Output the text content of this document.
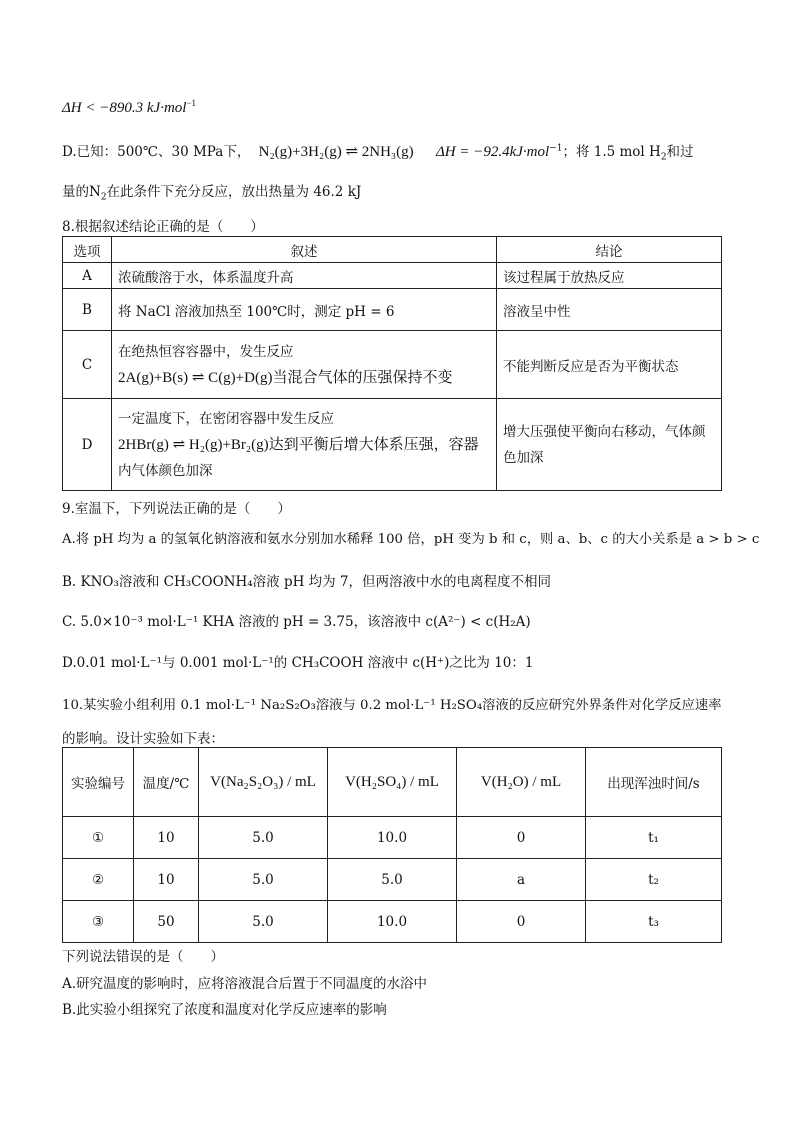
ΔH < −890.3 kJ·mol$^{-1}$
D.已知：500℃、30 MPa下， N₂(g)+3H₂(g) ⇌ 2NH₃(g) ΔH = −92.4kJ·mol$^{-1}$；将 1.5 mol $H_2$和过
量的$N_2$在此条件下充分反应，放出热量为 46.2 kJ
8.根据叙述结论正确的是（　　）
选项	叙述	结论
A	浓硫酸溶于水，体系温度升高	该过程属于放热反应
B	将 NaCl 溶液加热至 100℃时，测定 pH = 6	溶液呈中性
C	在绝热恒容容器中，发生反应
2A(g)+B(s) ⇌ C(g)+D(g)当混合气体的压强保持不变	不能判断反应是否为平衡状态
D	一定温度下，在密闭容器中发生反应
2HBr(g) ⇌ H₂(g)+Br₂(g)达到平衡后增大体系压强，容器
内气体颜色加深	增大压强使平衡向右移动，气体颜色加深
9.室温下，下列说法正确的是（　　）
A.将 pH 均为 a 的氢氧化钠溶液和氨水分别加水稀释 100 倍，pH 变为 b 和 c，则 a、b、c 的大小关系是 a > b > c
B. KNO₃溶液和 CH₃COONH₄溶液 pH 均为 7，但两溶液中水的电离程度不相同
C. 5.0×10⁻³ mol·L⁻¹ KHA 溶液的 pH = 3.75，该溶液中 c(A²⁻) < c(H₂A)
D.0.01 mol·L⁻¹与 0.001 mol·L⁻¹的 CH₃COOH 溶液中 c(H⁺)之比为 10：1
10.某实验小组利用 0.1 mol·L⁻¹ Na₂S₂O₃溶液与 0.2 mol·L⁻¹ H₂SO₄溶液的反应研究外界条件对化学反应速率
的影响。设计实验如下表：
实验编号	温度/℃	V(Na₂S₂O₃) / mL	V(H₂SO₄) / mL	V(H₂O) / mL	出现浑浊时间/s
①	10	5.0	10.0	0	t₁
②	10	5.0	5.0	a	t₂
③	50	5.0	10.0	0	t₃
下列说法错误的是（　　）
A.研究温度的影响时，应将溶液混合后置于不同温度的水浴中
B.此实验小组探究了浓度和温度对化学反应速率的影响
